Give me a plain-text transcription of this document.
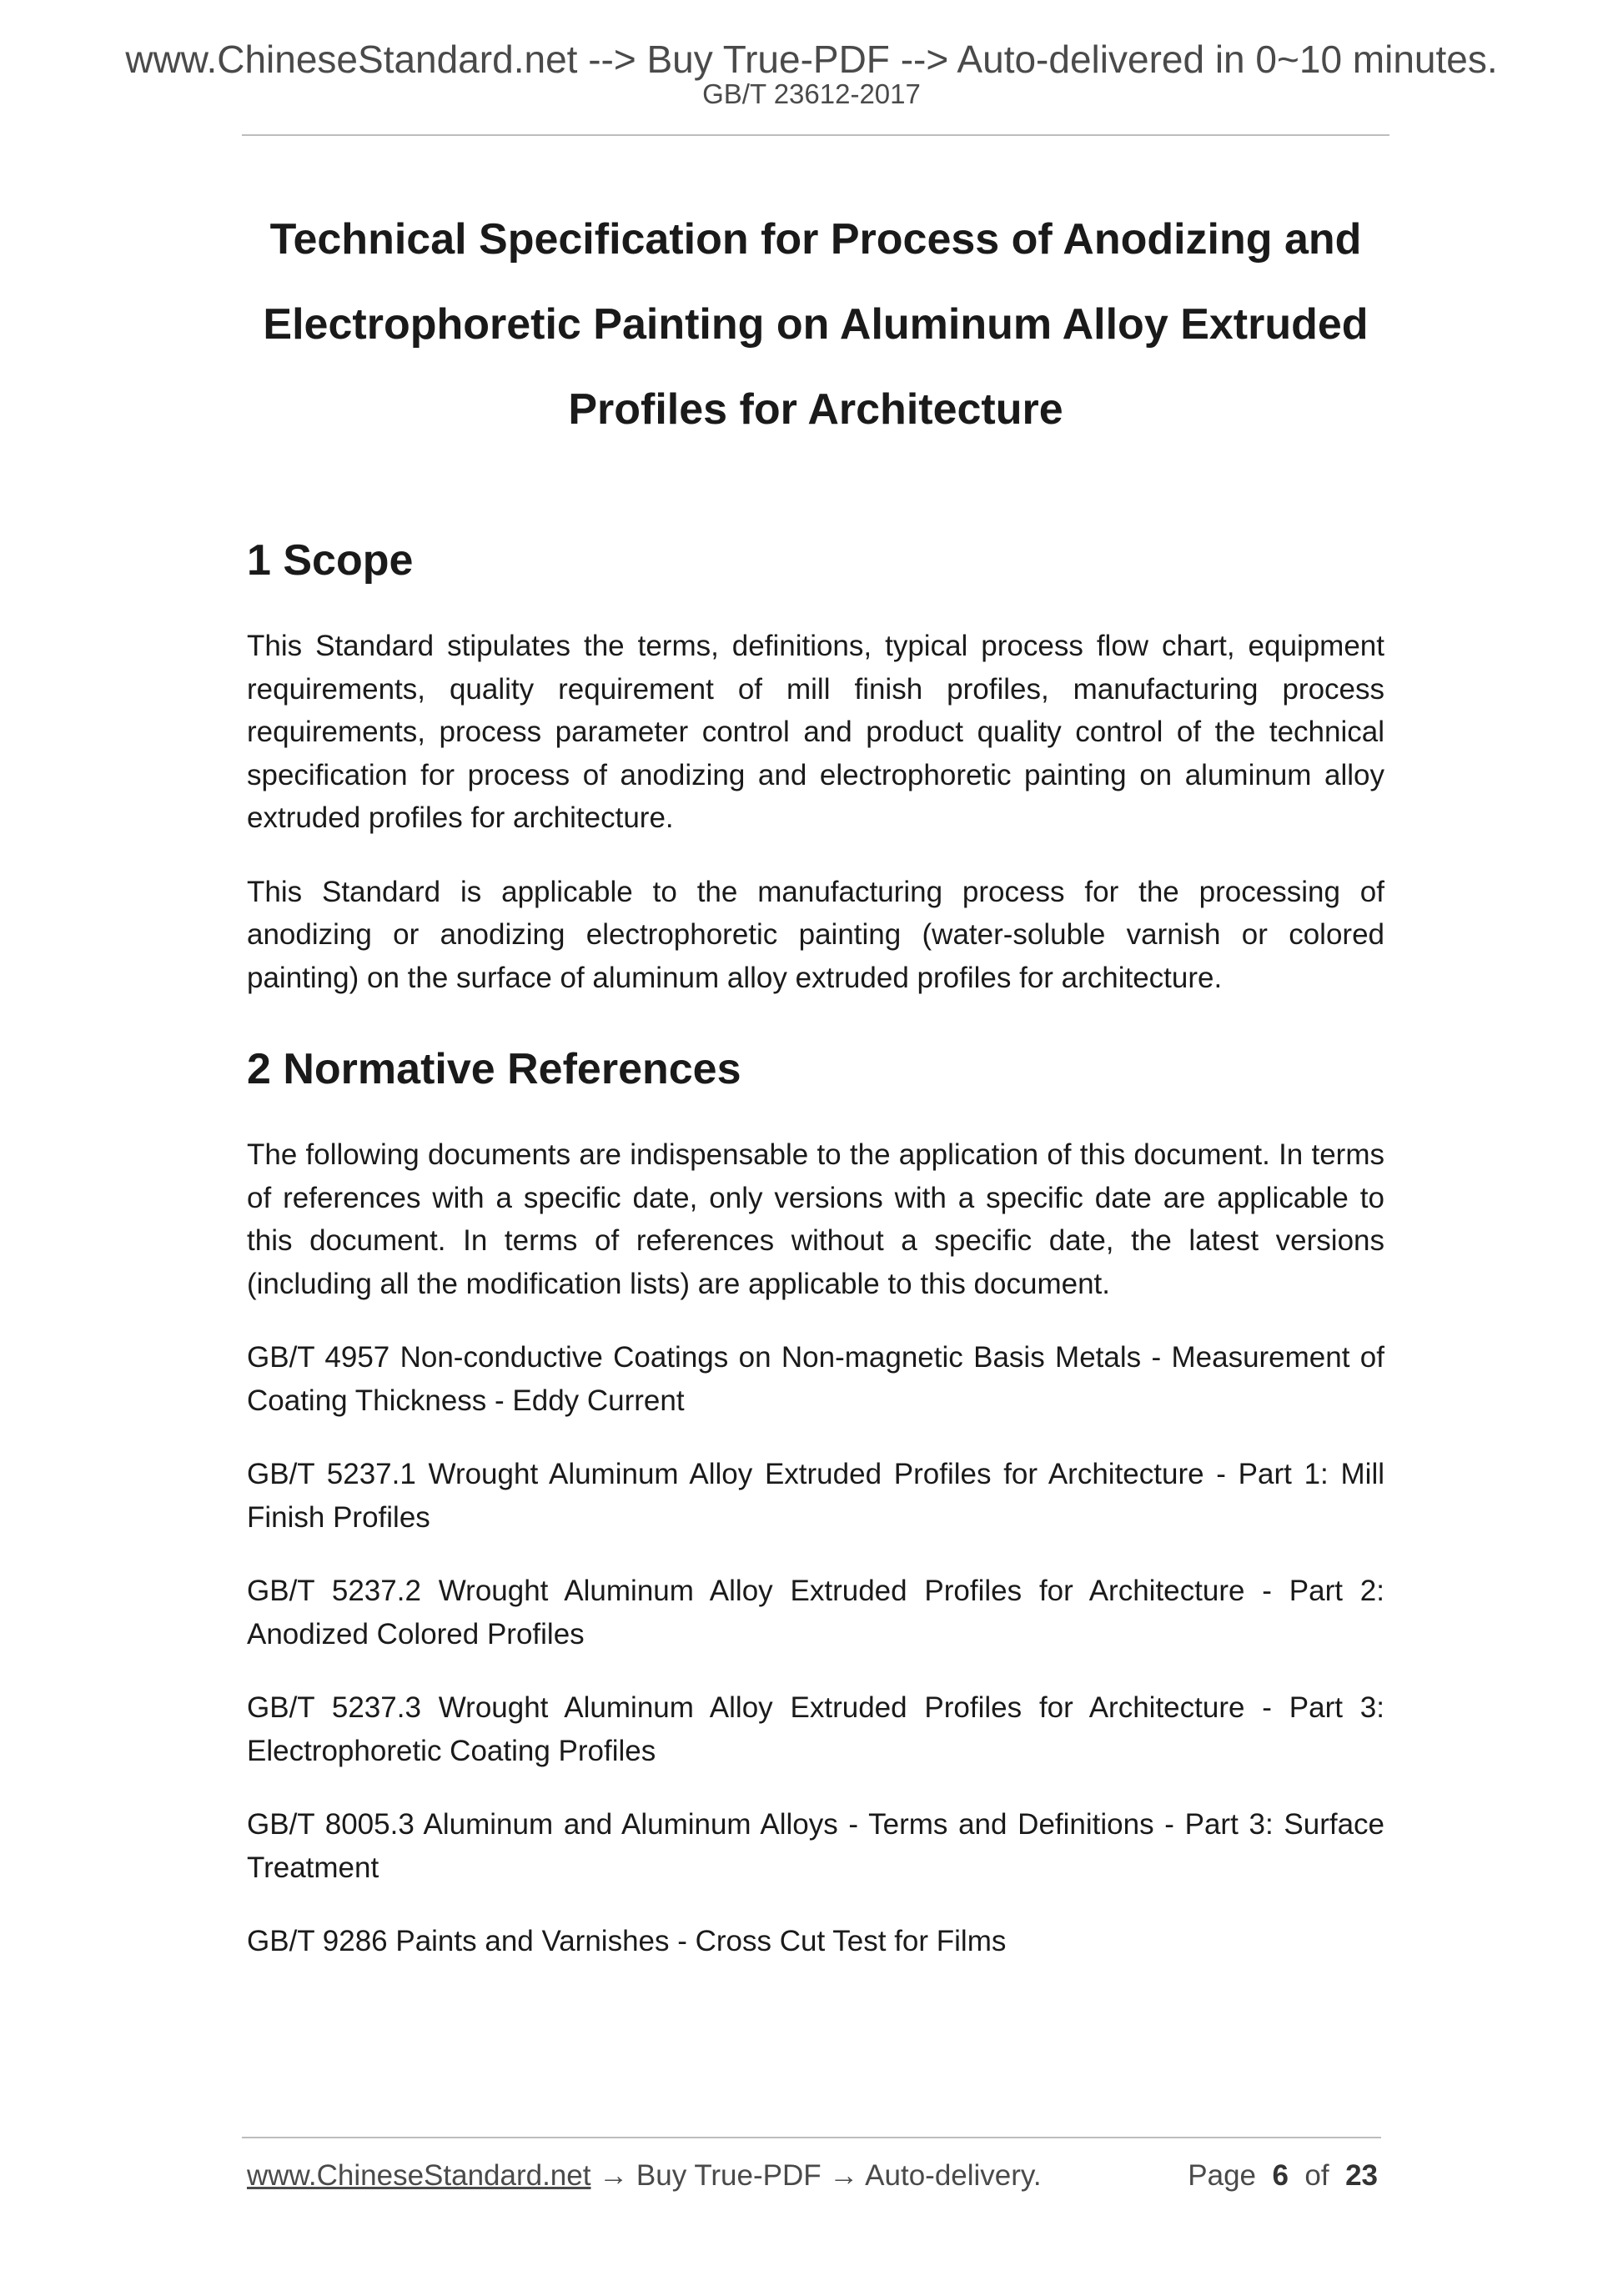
www.ChineseStandard.net --> Buy True-PDF --> Auto-delivered in 0~10 minutes.
GB/T 23612-2017
Technical Specification for Process of Anodizing and
Electrophoretic Painting on Aluminum Alloy Extruded
Profiles for Architecture
1 Scope

This Standard stipulates the terms, definitions, typical process flow chart, equipment requirements, quality requirement of mill finish profiles, manufacturing process requirements, process parameter control and product quality control of the technical specification for process of anodizing and electrophoretic painting on aluminum alloy extruded profiles for architecture.

This Standard is applicable to the manufacturing process for the processing of anodizing or anodizing electrophoretic painting (water-soluble varnish or colored painting) on the surface of aluminum alloy extruded profiles for architecture.

2 Normative References

The following documents are indispensable to the application of this document. In terms of references with a specific date, only versions with a specific date are applicable to this document. In terms of references without a specific date, the latest versions (including all the modification lists) are applicable to this document.

GB/T 4957 Non-conductive Coatings on Non-magnetic Basis Metals - Measurement of Coating Thickness - Eddy Current

GB/T 5237.1 Wrought Aluminum Alloy Extruded Profiles for Architecture - Part 1: Mill Finish Profiles

GB/T 5237.2 Wrought Aluminum Alloy Extruded Profiles for Architecture - Part 2: Anodized Colored Profiles

GB/T 5237.3 Wrought Aluminum Alloy Extruded Profiles for Architecture - Part 3: Electrophoretic Coating Profiles

GB/T 8005.3 Aluminum and Aluminum Alloys - Terms and Definitions - Part 3: Surface Treatment

GB/T 9286 Paints and Varnishes - Cross Cut Test for Films

www.ChineseStandard.net → Buy True-PDF → Auto-delivery.	Page 6 of 23
